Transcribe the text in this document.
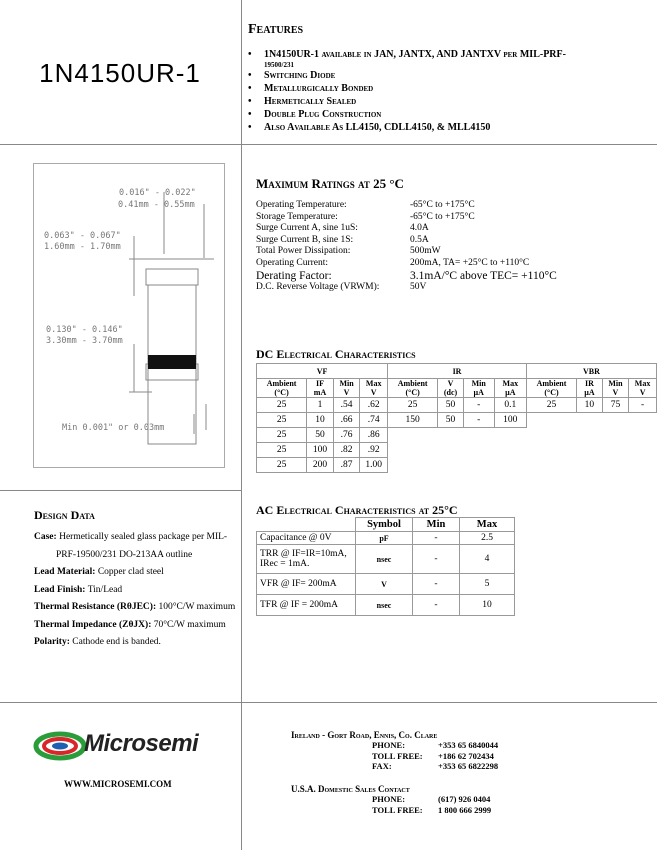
1N4150UR-1
Features
• 1N4150UR-1 available in JAN, JANTX, AND JANTXV per MIL-PRF-
19500/231
• Switching Diode
• Metallurgically Bonded
• Hermetically Sealed
• Double Plug Construction
• Also Available As LL4150, CDLL4150, & MLL4150
0.016" - 0.022"
0.41mm - 0.55mm
0.063" - 0.067"
1.60mm - 1.70mm
0.130" - 0.146"
3.30mm - 3.70mm
Min 0.001" or 0.03mm
Maximum Ratings at 25 °C
Operating Temperature:	-65°C to +175°C
Storage Temperature:	-65°C to +175°C
Surge Current A, sine 1uS:	4.0A
Surge Current B, sine 1S:	0.5A
Total Power Dissipation:	500mW
Operating Current:	200mA, TA= +25°C to +110°C
Derating Factor:	3.1mA/°C above TEC= +110°C
D.C. Reverse Voltage (VRWM):	50V
DC Electrical Characteristics
VF				IR				VBR			
Ambient (°C)	IF mA	Min V	Max V	Ambient (°C)	V (dc)	Min µA	Max µA	Ambient (°C)	IR µA	Min V	Max V
25	1	.54	.62	25	50	-	0.1	25	10	75	-
25	10	.66	.74	150	50	-	100				
25	50	.76	.86								
25	100	.82	.92								
25	200	.87	1.00								
Design Data

Case: Hermetically sealed glass package per MIL-

PRF-19500/231 DO-213AA outline

Lead Material: Copper clad steel

Lead Finish: Tin/Lead

Thermal Resistance (RθJEC): 100°C/W maximum

Thermal Impedance (ZθJX): 70°C/W maximum

Polarity: Cathode end is banded.

AC Electrical Characteristics at 25°C
	Symbol	Min	Max
Capacitance @ 0V	pF	-	2.5
TRR @ IF=IR=10mA, IRec = 1mA.	nsec	-	4
VFR @ IF= 200mA	V	-	5
TFR @ IF = 200mA	nsec	-	10
Microsemi
WWW.MICROSEMI.COM
Ireland - Gort Road, Ennis, Co. Clare
PHONE:	+353 65 6840044
TOLL FREE: +186 62 702434
FAX:	+353 65 6822298
U.S.A. Domestic Sales Contact
PHONE:	(617) 926 0404
TOLL FREE: 1 800 666 2999
